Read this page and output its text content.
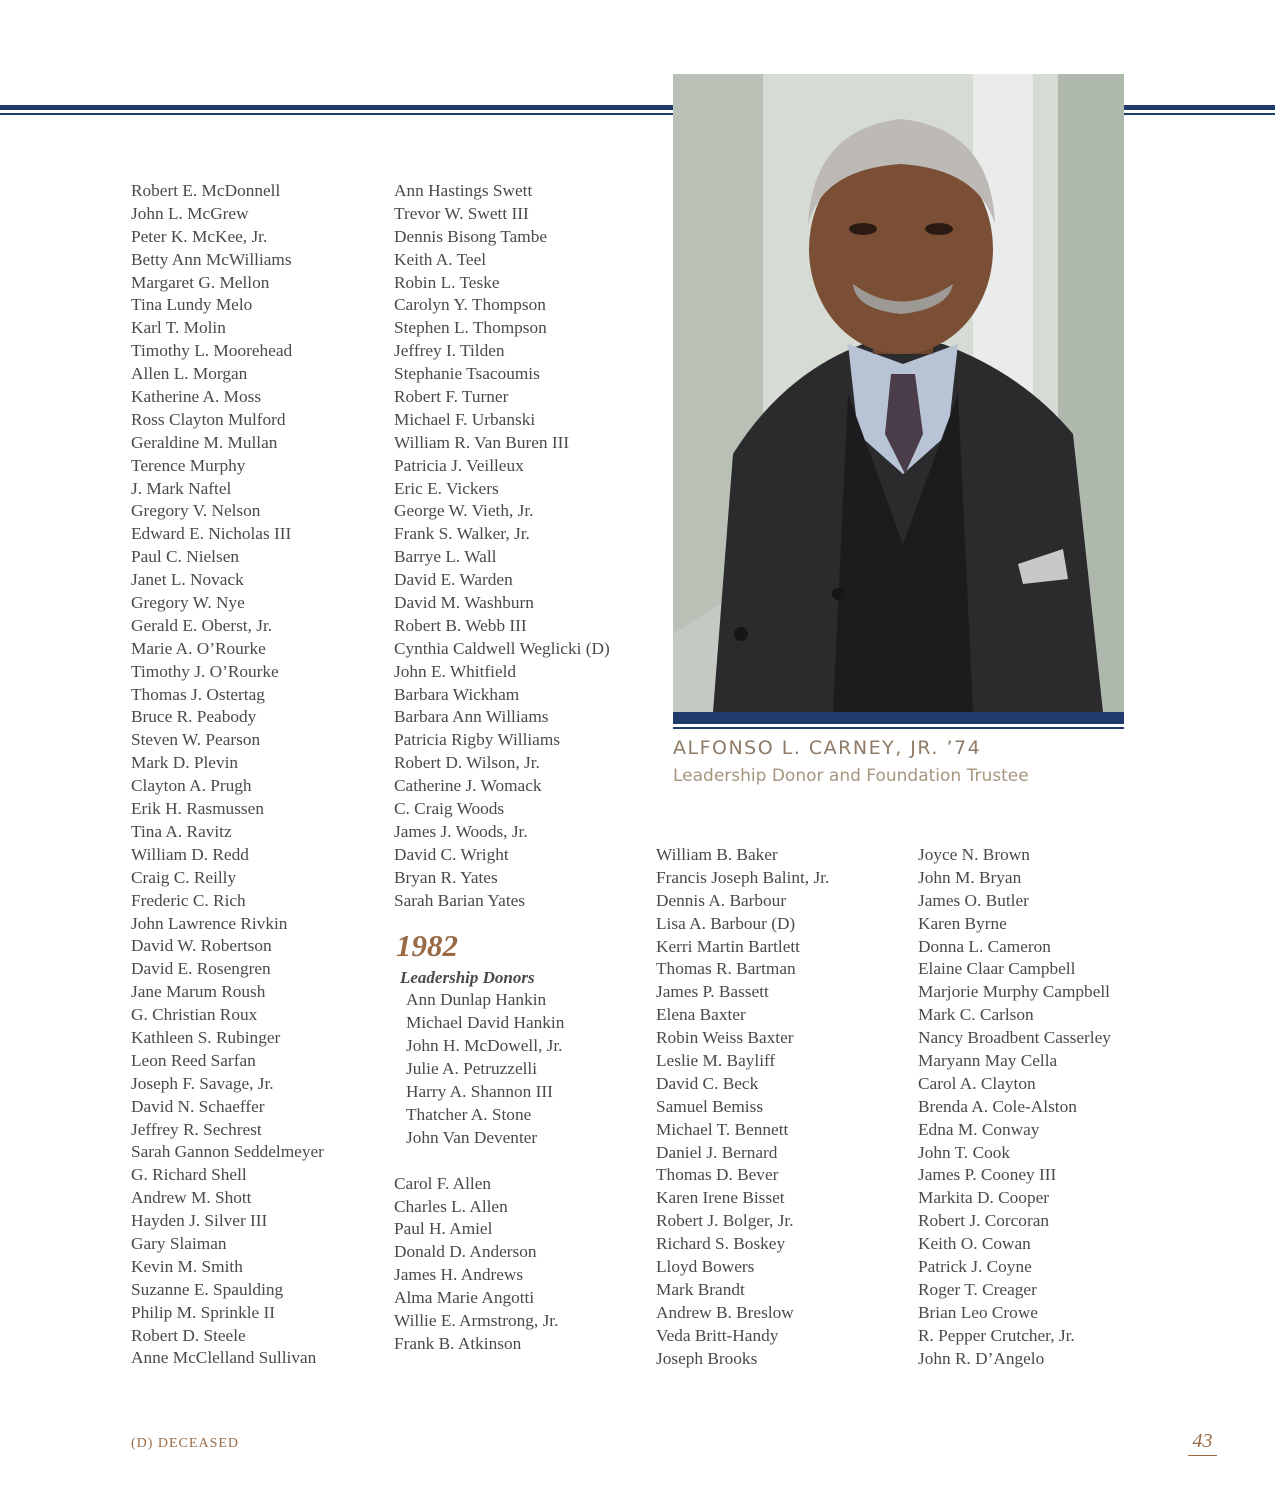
Robert E. McDonnell
John L. McGrew
Peter K. McKee, Jr.
Betty Ann McWilliams
Margaret G. Mellon
Tina Lundy Melo
Karl T. Molin
Timothy L. Moorehead
Allen L. Morgan
Katherine A. Moss
Ross Clayton Mulford
Geraldine M. Mullan
Terence Murphy
J. Mark Naftel
Gregory V. Nelson
Edward E. Nicholas III
Paul C. Nielsen
Janet L. Novack
Gregory W. Nye
Gerald E. Oberst, Jr.
Marie A. O’Rourke
Timothy J. O’Rourke
Thomas J. Ostertag
Bruce R. Peabody
Steven W. Pearson
Mark D. Plevin
Clayton A. Prugh
Erik H. Rasmussen
Tina A. Ravitz
William D. Redd
Craig C. Reilly
Frederic C. Rich
John Lawrence Rivkin
David W. Robertson
David E. Rosengren
Jane Marum Roush
G. Christian Roux
Kathleen S. Rubinger
Leon Reed Sarfan
Joseph F. Savage, Jr.
David N. Schaeffer
Jeffrey R. Sechrest
Sarah Gannon Seddelmeyer
G. Richard Shell
Andrew M. Shott
Hayden J. Silver III
Gary Slaiman
Kevin M. Smith
Suzanne E. Spaulding
Philip M. Sprinkle II
Robert D. Steele
Anne McClelland Sullivan
Ann Hastings Swett
Trevor W. Swett III
Dennis Bisong Tambe
Keith A. Teel
Robin L. Teske
Carolyn Y. Thompson
Stephen L. Thompson
Jeffrey I. Tilden
Stephanie Tsacoumis
Robert F. Turner
Michael F. Urbanski
William R. Van Buren III
Patricia J. Veilleux
Eric E. Vickers
George W. Vieth, Jr.
Frank S. Walker, Jr.
Barrye L. Wall
David E. Warden
David M. Washburn
Robert B. Webb III
Cynthia Caldwell Weglicki (D)
John E. Whitfield
Barbara Wickham
Barbara Ann Williams
Patricia Rigby Williams
Robert D. Wilson, Jr.
Catherine J. Womack
C. Craig Woods
James J. Woods, Jr.
David C. Wright
Bryan R. Yates
Sarah Barian Yates
1982
Leadership Donors
Ann Dunlap Hankin
Michael David Hankin
John H. McDowell, Jr.
Julie A. Petruzzelli
Harry A. Shannon III
Thatcher A. Stone
John Van Deventer
Carol F. Allen
Charles L. Allen
Paul H. Amiel
Donald D. Anderson
James H. Andrews
Alma Marie Angotti
Willie E. Armstrong, Jr.
Frank B. Atkinson
ALFONSO L. CARNEY, JR. ’74
Leadership Donor and Foundation Trustee
William B. Baker
Francis Joseph Balint, Jr.
Dennis A. Barbour
Lisa A. Barbour (D)
Kerri Martin Bartlett
Thomas R. Bartman
James P. Bassett
Elena Baxter
Robin Weiss Baxter
Leslie M. Bayliff
David C. Beck
Samuel Bemiss
Michael T. Bennett
Daniel J. Bernard
Thomas D. Bever
Karen Irene Bisset
Robert J. Bolger, Jr.
Richard S. Boskey
Lloyd Bowers
Mark Brandt
Andrew B. Breslow
Veda Britt-Handy
Joseph Brooks
Joyce N. Brown
John M. Bryan
James O. Butler
Karen Byrne
Donna L. Cameron
Elaine Claar Campbell
Marjorie Murphy Campbell
Mark C. Carlson
Nancy Broadbent Casserley
Maryann May Cella
Carol A. Clayton
Brenda A. Cole-Alston
Edna M. Conway
John T. Cook
James P. Cooney III
Markita D. Cooper
Robert J. Corcoran
Keith O. Cowan
Patrick J. Coyne
Roger T. Creager
Brian Leo Crowe
R. Pepper Crutcher, Jr.
John R. D’Angelo
(D) DECEASED	43
